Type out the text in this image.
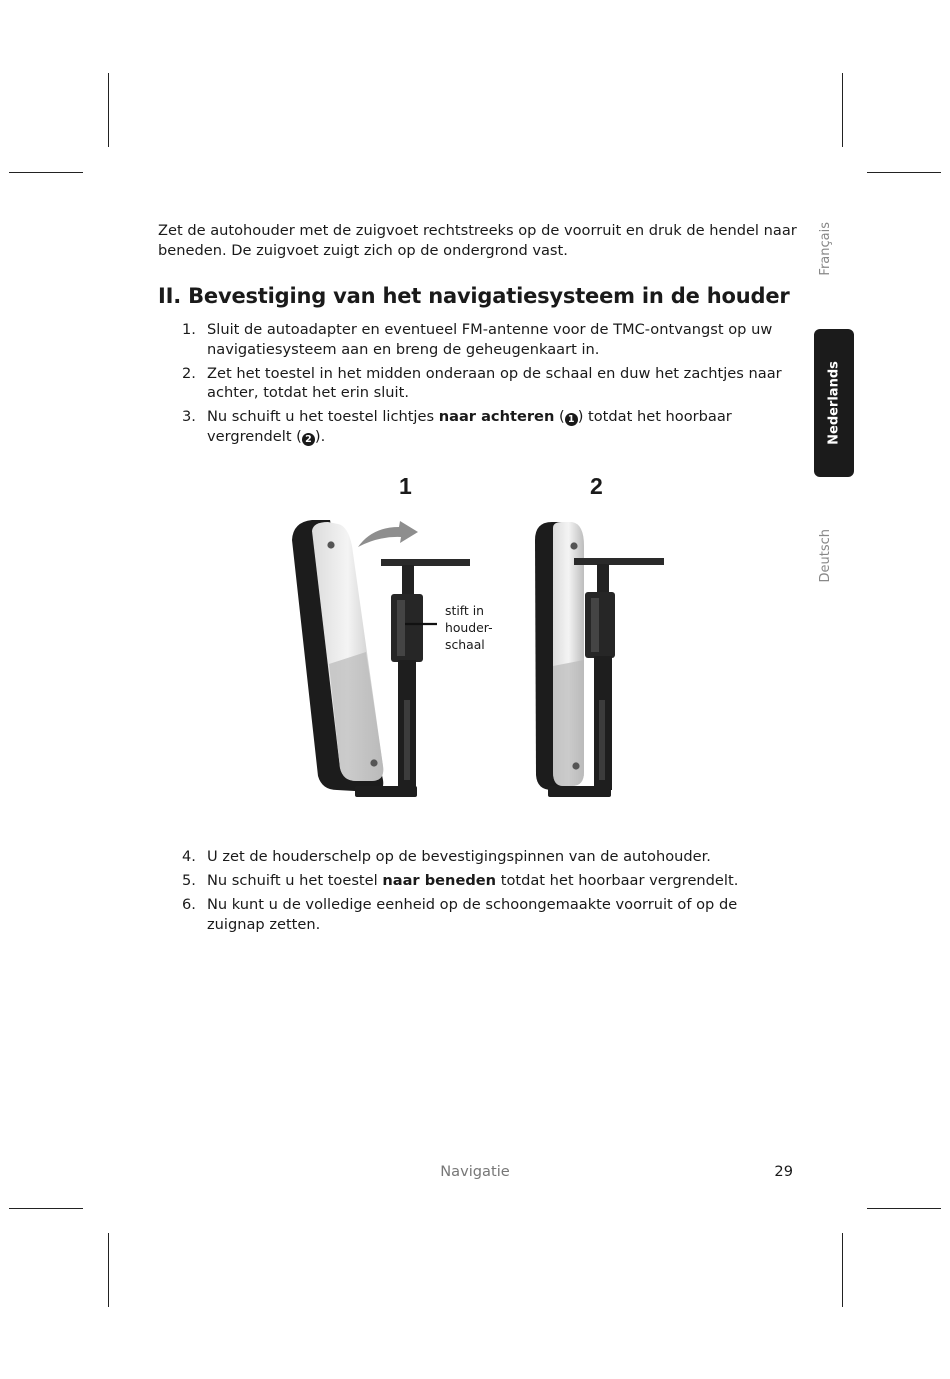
Zet de autohouder met de zuigvoet rechtstreeks op de voorruit en druk de hendel naar beneden. De zuigvoet zuigt zich op de ondergrond vast.

II. Bevestiging van het navigatiesysteem in de houder
1. Sluit de autoadapter en eventueel FM-antenne voor de TMC-ontvangst op uw navigatiesysteem aan en breng de geheugenkaart in.
2. Zet het toestel in het midden onderaan op de schaal en duw het zachtjes naar achter, totdat het erin sluit.
3. Nu schuift u het toestel lichtjes naar achteren ( 1 ) totdat het hoorbaar vergrendelt ( 2 ).
1	2
stift in
houder-
schaal
4. U zet de houderschelp op de bevestigingspinnen van de autohouder.
5. Nu schuift u het toestel naar beneden totdat het hoorbaar vergrendelt.
6. Nu kunt u de volledige eenheid op de schoongemaakte voorruit of op de zuignap zetten.
Français
Nederlands
Deutsch
Navigatie	29
